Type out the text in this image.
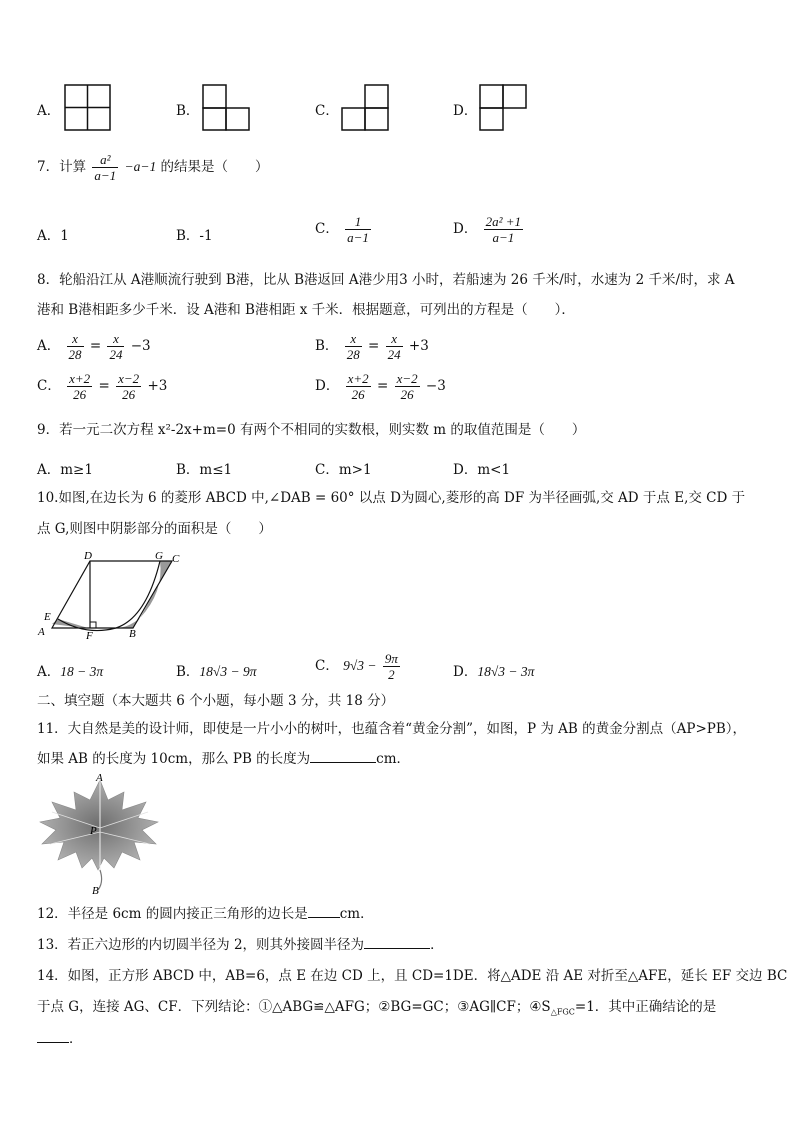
A．	B．	C．	D．
7．计算 $\frac{\text{a²}}{a-1} -a-1$ 的结果是（　　）
A．1	B．-1	C． $\frac{1}{a-1}$	D． $\frac{\text{2a² +1}}{a-1}$
8．轮船沿江从 A港顺流行驶到 B港，比从 B港返回 A港少用3 小时，若船速为 26 千米/时，水速为 2 千米/时，求 A
港和 B港相距多少千米．设 A港和 B港相距 x 千米．根据题意，可列出的方程是（　　）．
A． $\frac{x}{28} = \frac{x}{24} -3$	B． $\frac{x}{28} = \frac{x}{24} +3$
C． $\frac{x+2}{26} = \frac{x-2}{26} +3$	D． $\frac{x+2}{26} = \frac{x-2}{26} -3$
9．若一元二次方程 x²-2x+m=0 有两个不相同的实数根，则实数 m 的取值范围是（　　）
A．m≥1	B．m≤1	C．m>1	D．m<1
10.如图,在边长为 6 的菱形 ABCD 中,∠DAB = 60° 以点 D为圆心,菱形的高 DF 为半径画弧,交 AD 于点 E,交 CD 于
点 G,则图中阴影部分的面积是（　　）
D	G C
E
A	F	B
A．18 − 3π	B．18√3 − 9π	C． $9√3 - \frac{9\pi}{2}$	D．18√3 − 3π
二、填空题（本大题共 6 个小题，每小题 3 分，共 18 分）
11．大自然是美的设计师，即使是一片小小的树叶，也蕴含着“黄金分割”，如图，P 为 AB 的黄金分割点（AP>PB），
如果 AB 的长度为 10cm，那么 PB 的长度为	cm．
A
P
B
12．半径是 6cm 的圆内接正三角形的边长是 cm．
13．若正六边形的内切圆半径为 2，则其外接圆半径为	．
14．如图，正方形 ABCD 中，AB=6，点 E 在边 CD 上，且 CD=1DE．将△ADE 沿 AE 对折至△AFE，延长 EF 交边 BC
于点 G，连接 AG、CF．下列结论：①△ABG≌△AFG；②BG=GC；③AG∥CF；$④S_{\triangle FGC}=1$．其中正确结论的是
．
